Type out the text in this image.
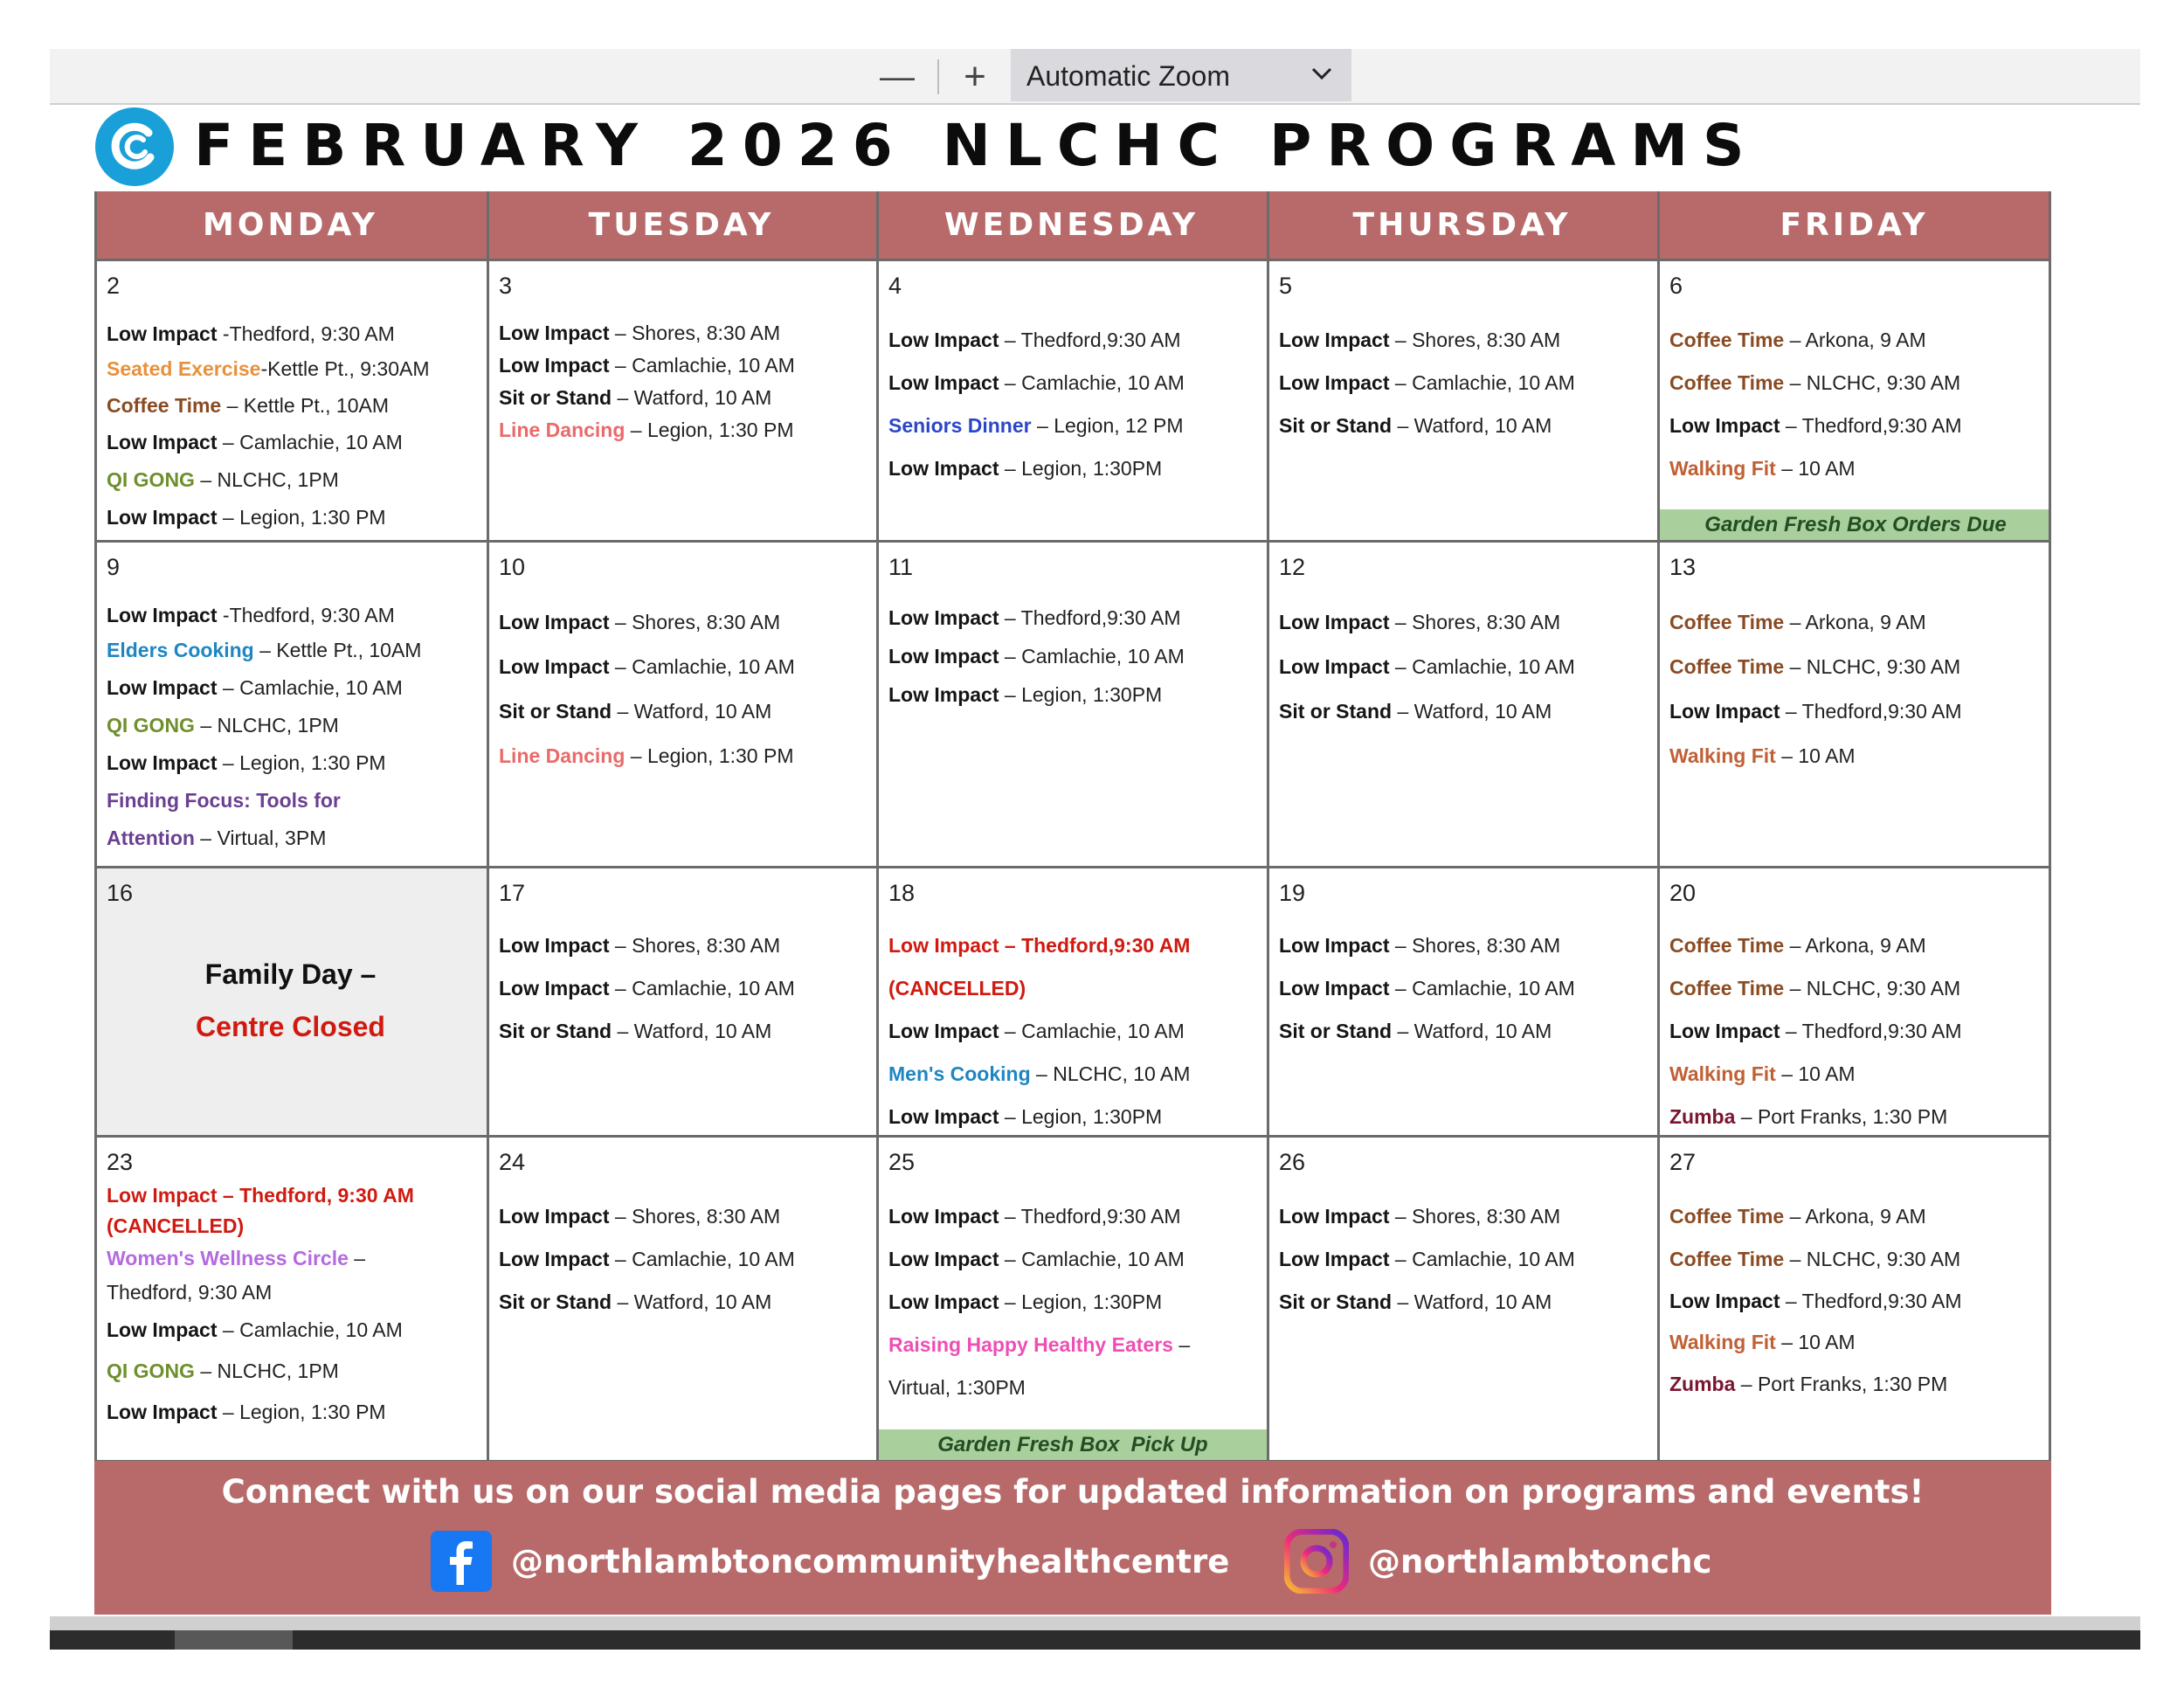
— +	Automatic Zoom
FEBRUARY 2026 NLCHC PROGRAMS
MONDAY	TUESDAY	WEDNESDAY	THURSDAY	FRIDAY
2
Low Impact -Thedford, 9:30 AM
Seated Exercise-Kettle Pt., 9:30AM
Coffee Time – Kettle Pt., 10AM
Low Impact – Camlachie, 10 AM
QI GONG – NLCHC, 1PM
Low Impact – Legion, 1:30 PM
3
Low Impact – Shores, 8:30 AM
Low Impact – Camlachie, 10 AM
Sit or Stand – Watford, 10 AM
Line Dancing – Legion, 1:30 PM
4
Low Impact – Thedford,9:30 AM
Low Impact – Camlachie, 10 AM
Seniors Dinner – Legion, 12 PM
Low Impact – Legion, 1:30PM
5
Low Impact – Shores, 8:30 AM
Low Impact – Camlachie, 10 AM
Sit or Stand – Watford, 10 AM
6
Coffee Time – Arkona, 9 AM
Coffee Time – NLCHC, 9:30 AM
Low Impact – Thedford,9:30 AM
Walking Fit – 10 AM
Garden Fresh Box Orders Due
9
Low Impact -Thedford, 9:30 AM
Elders Cooking – Kettle Pt., 10AM
Low Impact – Camlachie, 10 AM
QI GONG – NLCHC, 1PM
Low Impact – Legion, 1:30 PM
Finding Focus: Tools for
Attention – Virtual, 3PM
10
Low Impact – Shores, 8:30 AM
Low Impact – Camlachie, 10 AM
Sit or Stand – Watford, 10 AM
Line Dancing – Legion, 1:30 PM
11
Low Impact – Thedford,9:30 AM
Low Impact – Camlachie, 10 AM
Low Impact – Legion, 1:30PM
12
Low Impact – Shores, 8:30 AM
Low Impact – Camlachie, 10 AM
Sit or Stand – Watford, 10 AM
13
Coffee Time – Arkona, 9 AM
Coffee Time – NLCHC, 9:30 AM
Low Impact – Thedford,9:30 AM
Walking Fit – 10 AM
16
Family Day –
Centre Closed
17
Low Impact – Shores, 8:30 AM
Low Impact – Camlachie, 10 AM
Sit or Stand – Watford, 10 AM
18
Low Impact – Thedford,9:30 AM
(CANCELLED)
Low Impact – Camlachie, 10 AM
Men's Cooking – NLCHC, 10 AM
Low Impact – Legion, 1:30PM
19
Low Impact – Shores, 8:30 AM
Low Impact – Camlachie, 10 AM
Sit or Stand – Watford, 10 AM
20
Coffee Time – Arkona, 9 AM
Coffee Time – NLCHC, 9:30 AM
Low Impact – Thedford,9:30 AM
Walking Fit – 10 AM
Zumba – Port Franks, 1:30 PM
23
Low Impact – Thedford, 9:30 AM
(CANCELLED)
Women's Wellness Circle –
Thedford, 9:30 AM
Low Impact – Camlachie, 10 AM
QI GONG – NLCHC, 1PM
Low Impact – Legion, 1:30 PM
24
Low Impact – Shores, 8:30 AM
Low Impact – Camlachie, 10 AM
Sit or Stand – Watford, 10 AM
25
Low Impact – Thedford,9:30 AM
Low Impact – Camlachie, 10 AM
Low Impact – Legion, 1:30PM
Raising Happy Healthy Eaters –
Virtual, 1:30PM
Garden Fresh Box  Pick Up
26
Low Impact – Shores, 8:30 AM
Low Impact – Camlachie, 10 AM
Sit or Stand – Watford, 10 AM
27
Coffee Time – Arkona, 9 AM
Coffee Time – NLCHC, 9:30 AM
Low Impact – Thedford,9:30 AM
Walking Fit – 10 AM
Zumba – Port Franks, 1:30 PM
Connect with us on our social media pages for updated information on programs and events!
@northlambtoncommunityhealthcentre	@northlambtonchc
